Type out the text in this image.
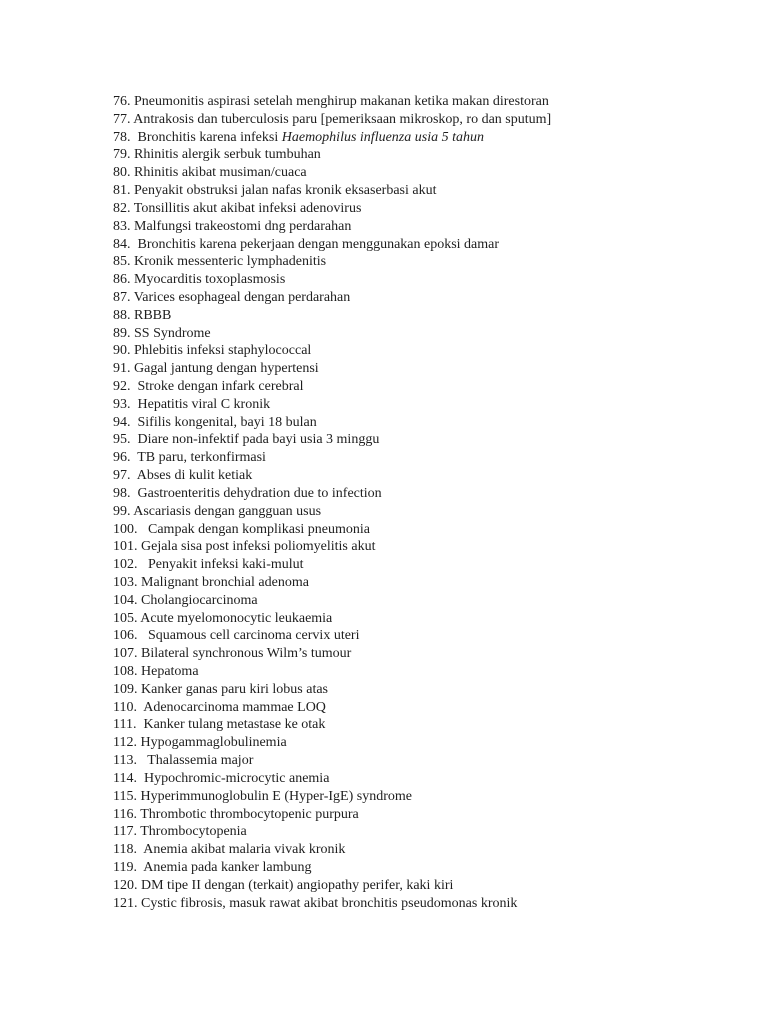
76. Pneumonitis aspirasi setelah menghirup makanan ketika makan direstoran
77. Antrakosis dan tuberculosis paru [pemeriksaan mikroskop, ro dan sputum]
78.  Bronchitis karena infeksi Haemophilus influenza usia 5 tahun
79. Rhinitis alergik serbuk tumbuhan
80. Rhinitis akibat musiman/cuaca
81. Penyakit obstruksi jalan nafas kronik eksaserbasi akut
82. Tonsillitis akut akibat infeksi adenovirus
83. Malfungsi trakeostomi dng perdarahan
84.  Bronchitis karena pekerjaan dengan menggunakan epoksi damar
85. Kronik messenteric lymphadenitis
86. Myocarditis toxoplasmosis
87. Varices esophageal dengan perdarahan
88. RBBB
89. SS Syndrome
90. Phlebitis infeksi staphylococcal
91. Gagal jantung dengan hypertensi
92.  Stroke dengan infark cerebral
93.  Hepatitis viral C kronik
94.  Sifilis kongenital, bayi 18 bulan
95.  Diare non-infektif pada bayi usia 3 minggu
96.  TB paru, terkonfirmasi
97.  Abses di kulit ketiak
98.  Gastroenteritis dehydration due to infection
99. Ascariasis dengan gangguan usus
100.   Campak dengan komplikasi pneumonia
101. Gejala sisa post infeksi poliomyelitis akut
102.   Penyakit infeksi kaki-mulut
103. Malignant bronchial adenoma
104. Cholangiocarcinoma
105. Acute myelomonocytic leukaemia
106.   Squamous cell carcinoma cervix uteri
107. Bilateral synchronous Wilm’s tumour
108. Hepatoma
109. Kanker ganas paru kiri lobus atas
110.  Adenocarcinoma mammae LOQ
111.  Kanker tulang metastase ke otak
112. Hypogammaglobulinemia
113.   Thalassemia major
114.  Hypochromic-microcytic anemia
115. Hyperimmunoglobulin E (Hyper-IgE) syndrome
116. Thrombotic thrombocytopenic purpura
117. Thrombocytopenia
118.  Anemia akibat malaria vivak kronik
119.  Anemia pada kanker lambung
120. DM tipe II dengan (terkait) angiopathy perifer, kaki kiri
121. Cystic fibrosis, masuk rawat akibat bronchitis pseudomonas kronik
